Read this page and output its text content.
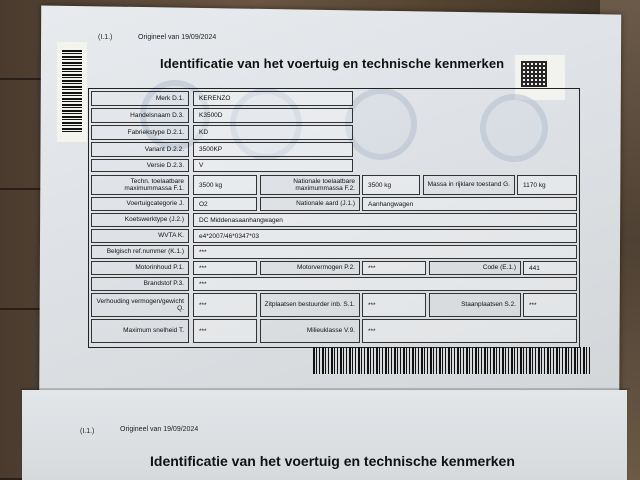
(I.1.)	Origineel van 19/09/2024
Identificatie van het voertuig en technische kenmerken
Merk D.1.	KERENZO
Handelsnaam D.3.	K3500D
Fabriekstype D.2.1.	KD
Variant D.2.2.	3500KP
Versie D.2.3.	V
Techn. toelaatbare maximummassa F.1.	3500 kg
Nationale toelaatbare maximummassa F.2.	3500 kg	Massa in rijklare toestand G.	1170 kg
Voertuigcategorie J.	O2	Nationale aard (J.1.)	Aanhangwagen
Koetswerktype (J.2.)	DC Middenasaanhangwagen
WVTA K.	e4*2007/46*0347*03
Belgisch ref.nummer (K.1.)	***
Motorinhoud P.1.	***	Motorvermogen P.2.	***	Code (E.1.)	441
Brandstof P.3.	***
Verhouding vermogen/gewicht Q.	***	Zitplaatsen bestuurder inb. S.1.	***	Staanplaatsen S.2.	***
Maximum snelheid T.	***	Milieuklasse V.9.	***
(I.1.)	Origineel van 19/09/2024
Identificatie van het voertuig en technische kenmerken
24027720000000000025 CA
